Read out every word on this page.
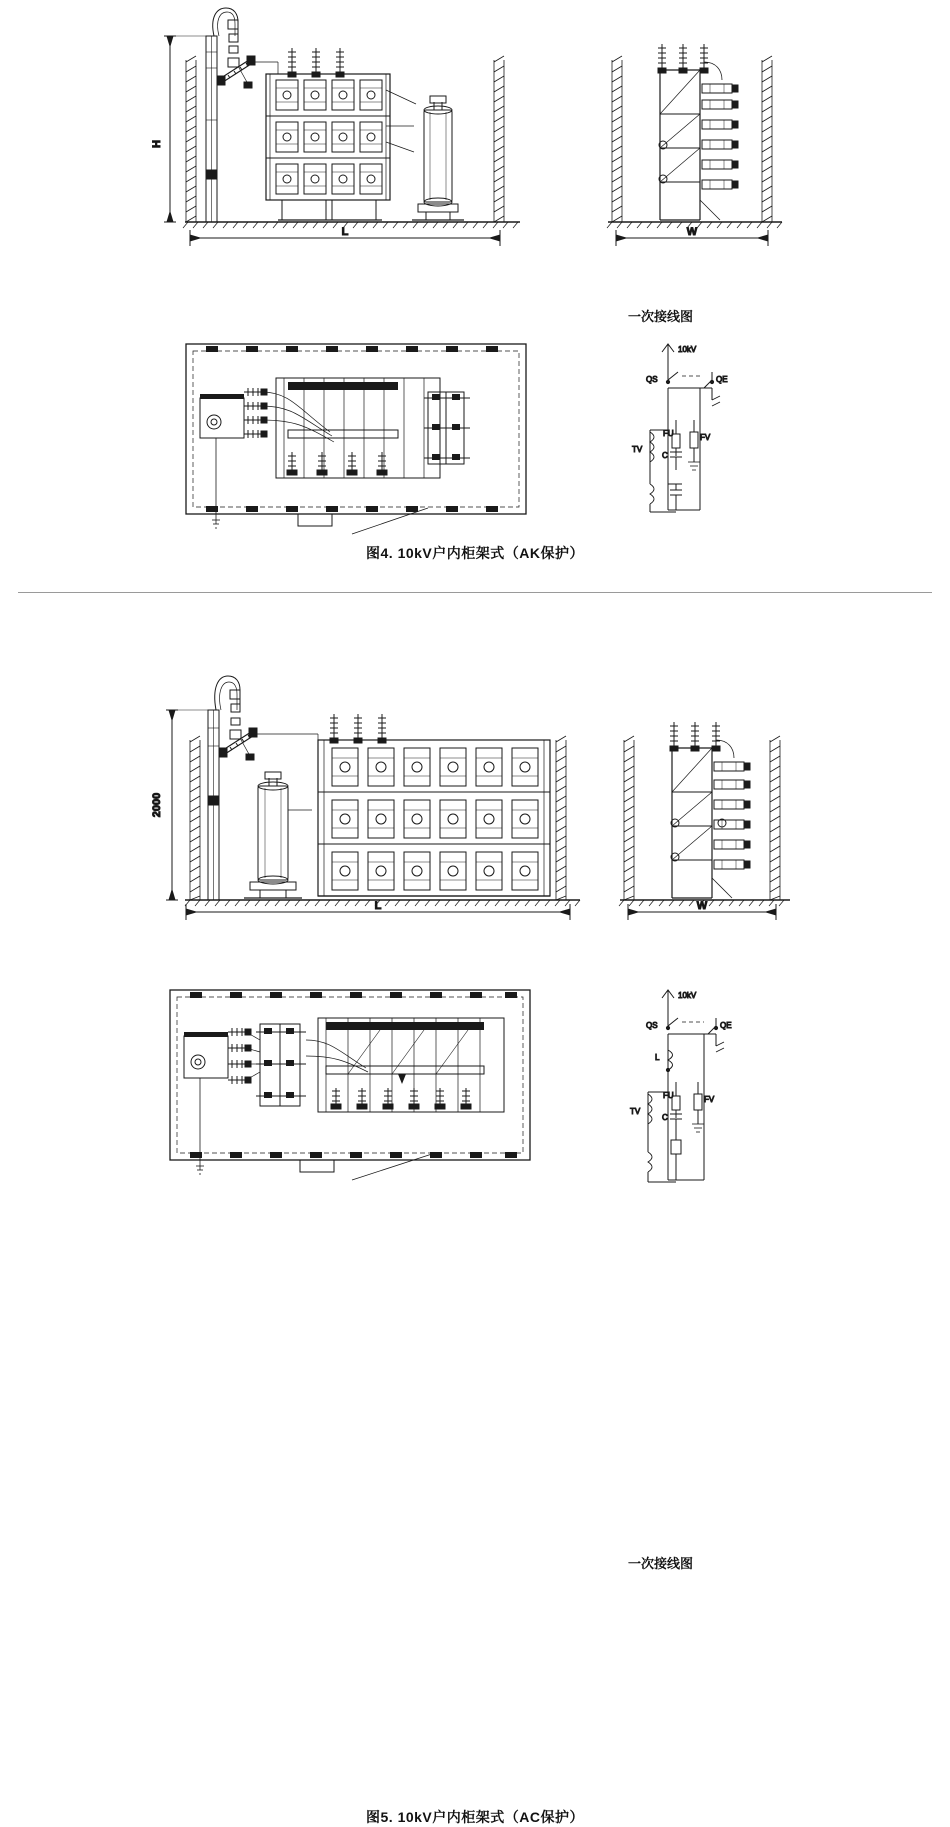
H
L	W
10kV
QS	QE
TV
FU	FV
C
一次接线图
图4. 10kV户内柜架式（AK保护）
2000
L	W
10kV
QS	QE
L
TV
FU	FV
C
一次接线图
图5. 10kV户内柜架式（AC保护）
